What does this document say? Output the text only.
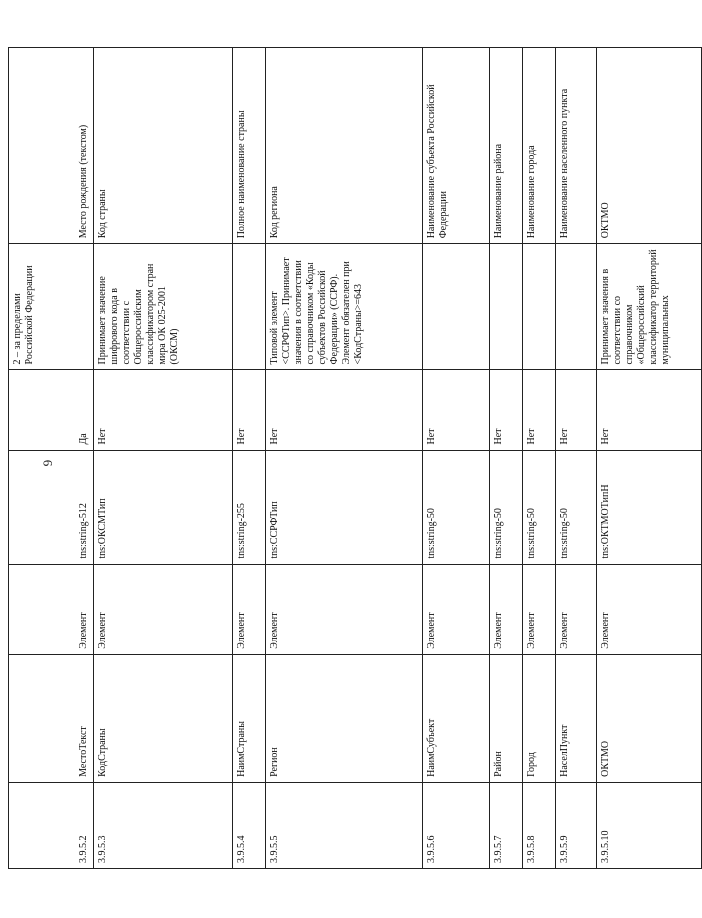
6
3.9.5.2	МестоТекст	Элемент	tns:string-512	Да	2 – за пределами Российской Федерации	Место рождения (текстом)
3.9.5.3	КодСтраны	Элемент	tns:ОКСМТип	Нет	Принимает значение шифрового кода в соответствии с Общероссийским классификатором стран мира ОК 025-2001 (ОКСМ)	Код страны
3.9.5.4	НаимСтраны	Элемент	tns:string-255	Нет		Полное наименование страны
3.9.5.5	Регион	Элемент	tns:ССРФТип	Нет	Типовой элемент <ССРФТип>. Принимает значения в соответствии со справочником «Коды субъектов Российской Федерации» (ССРФ). Элемент обязателен при <КодСтраны>=643	Код региона
3.9.5.6	НаимСубъект	Элемент	tns:string-50	Нет		Наименование субъекта Российской Федерации
3.9.5.7	Район	Элемент	tns:string-50	Нет		Наименование района
3.9.5.8	Город	Элемент	tns:string-50	Нет		Наименование города
3.9.5.9	НаселПункт	Элемент	tns:string-50	Нет		Наименование населенного пункта
3.9.5.10	ОКТМО	Элемент	tns:ОКТМОТипН	Нет	Принимает значения в соответствии со справочником «Общероссийский классификатор территорий муниципальных	ОКТМО
